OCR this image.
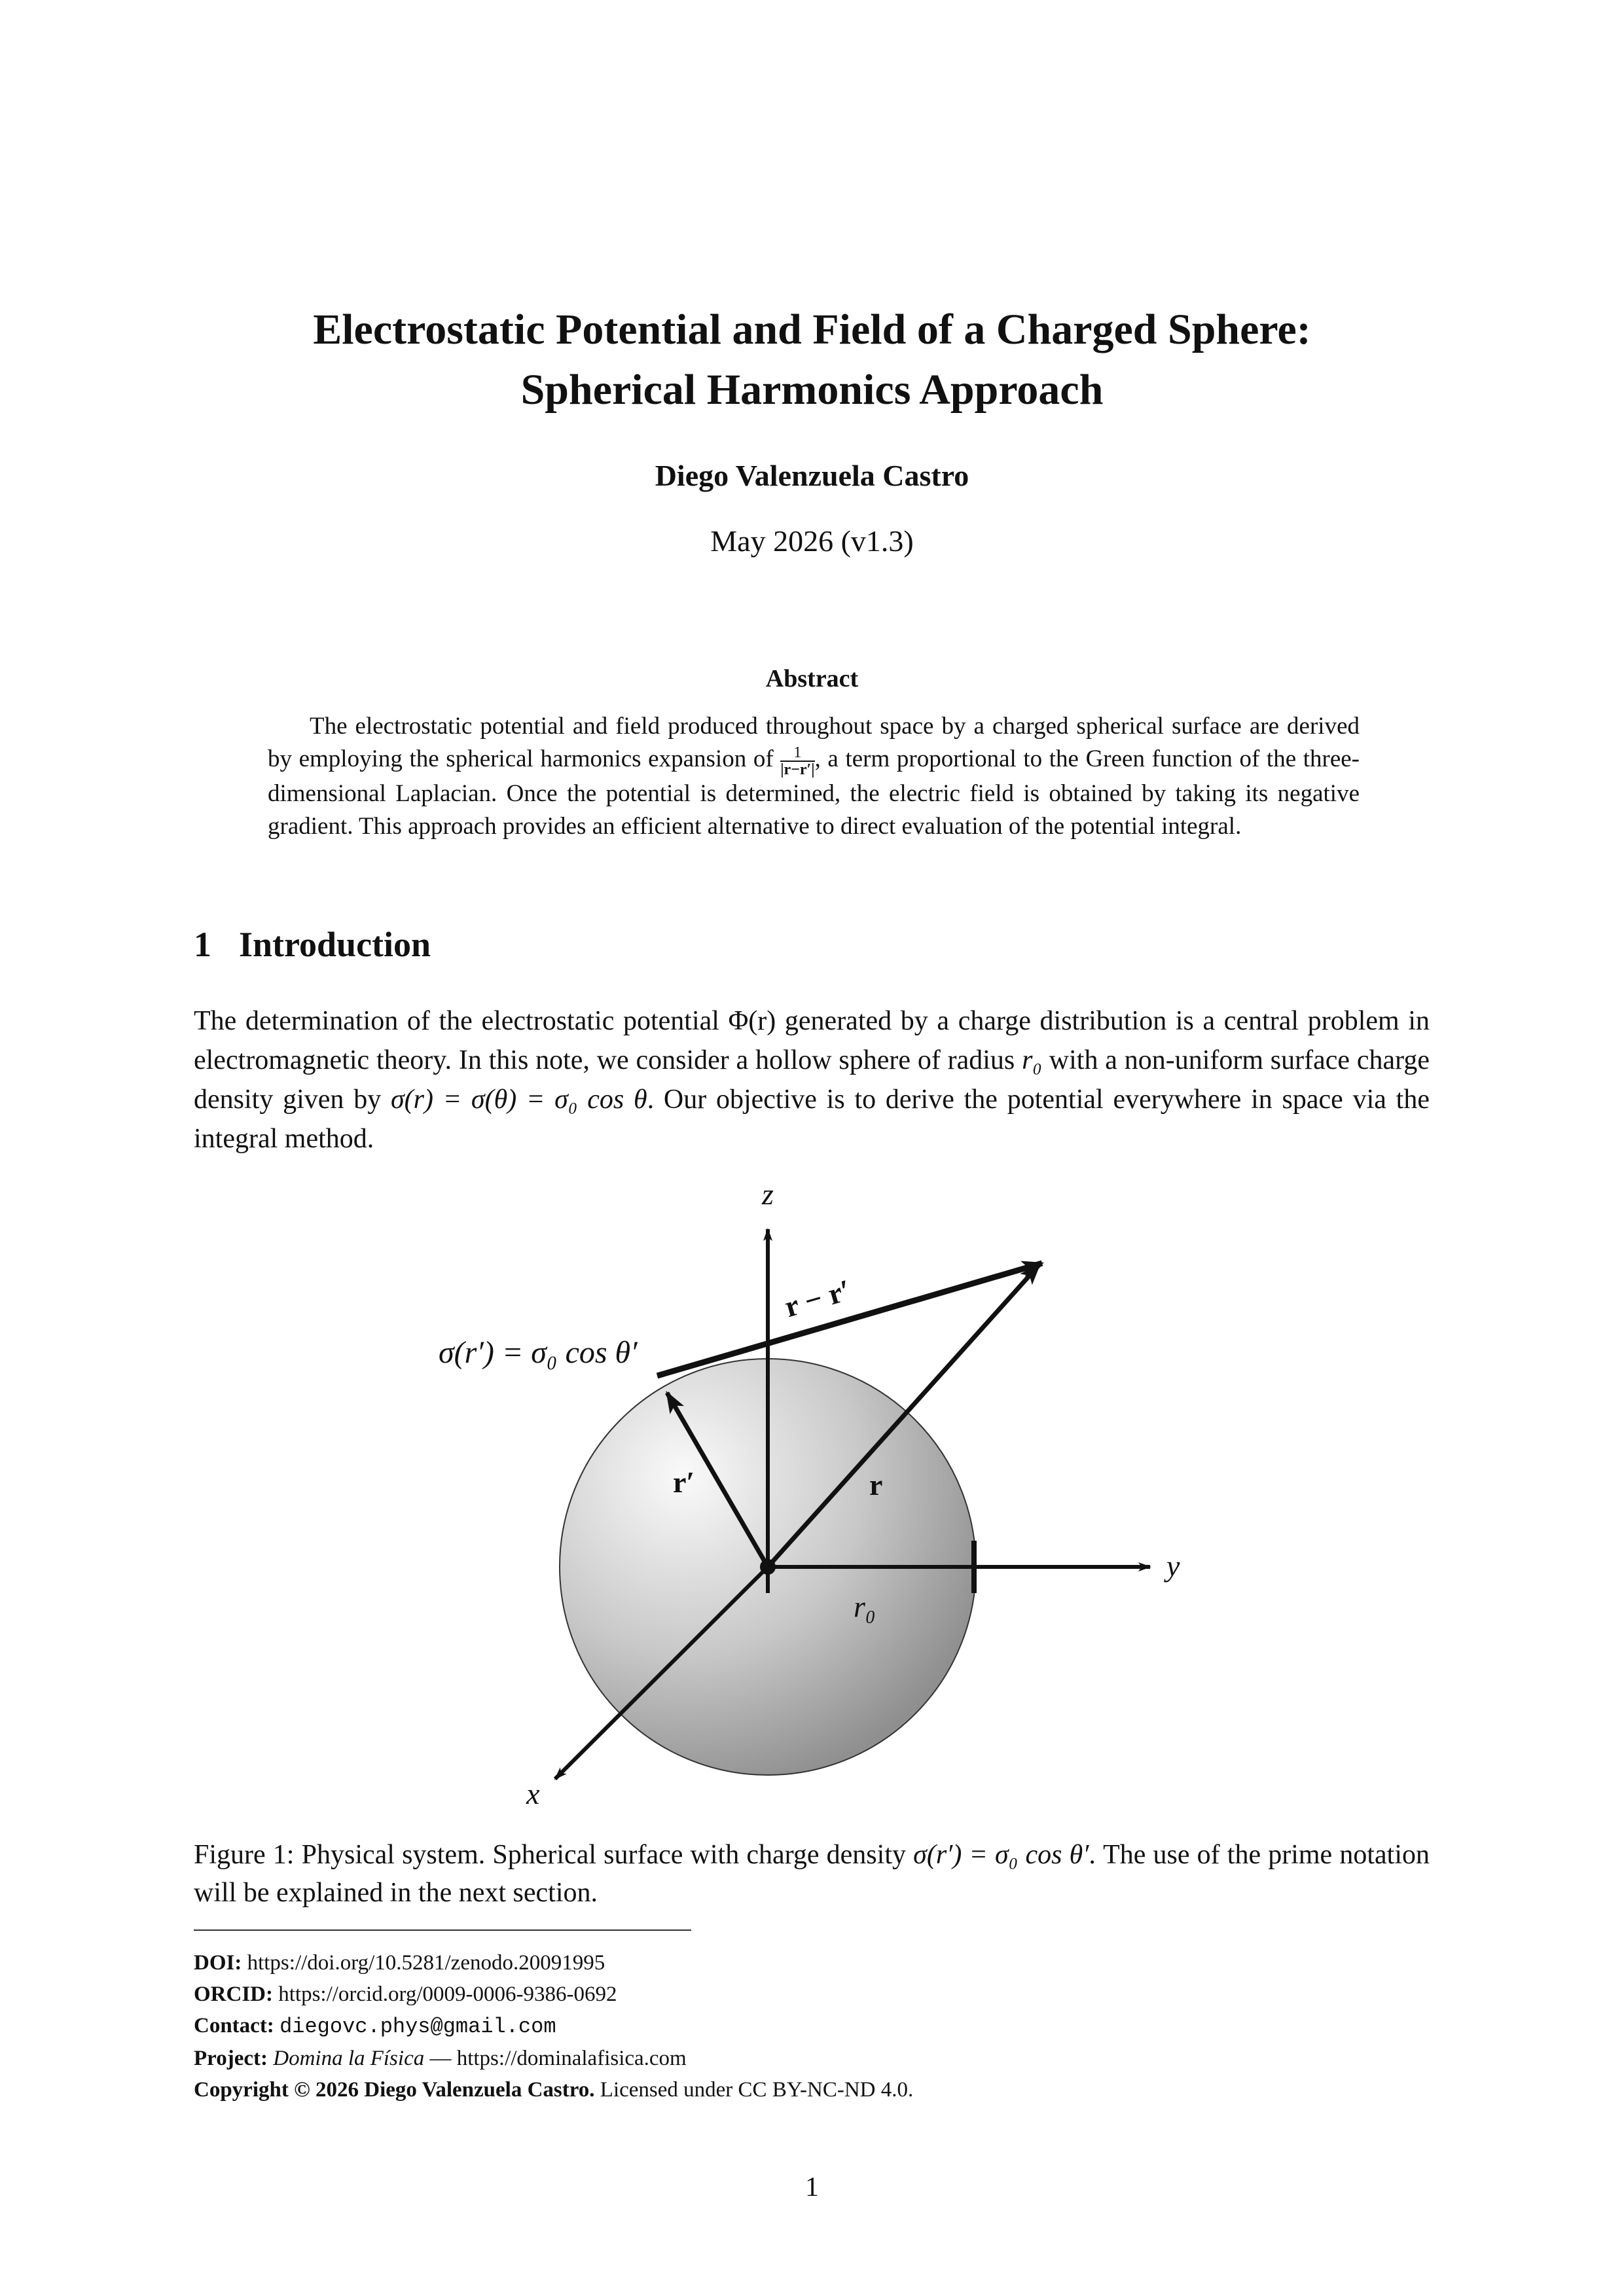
Electrostatic Potential and Field of a Charged Sphere:
Spherical Harmonics Approach
Diego Valenzuela Castro
May 2026 (v1.3)
Abstract
The electrostatic potential and field produced throughout space by a charged spherical surface are derived by employing the spherical harmonics expansion of $\frac{1}{|r-r'|}$ , a term proportional to the Green function of the three-dimensional Laplacian. Once the potential is determined, the electric field is obtained by taking its negative gradient. This approach provides an efficient alternative to direct evaluation of the potential integral.
1 Introduction
The determination of the electrostatic potential Φ(r) generated by a charge distribution is a central problem in electromagnetic theory. In this note, we consider a hollow sphere of radius r₀ with a non-uniform surface charge density given by σ(r) = σ(θ) = σ₀ cos θ. Our objective is to derive the potential everywhere in space via the integral method.
z
y
x
r
r′
r − r′
r₀
σ(r′) = σ₀ cos θ′
Figure 1: Physical system. Spherical surface with charge density σ(r′) = σ₀ cos θ′. The use of the prime notation will be explained in the next section.
DOI: https://doi.org/10.5281/zenodo.20091995
ORCID: https://orcid.org/0009-0006-9386-0692
Contact: diegovc.phys@gmail.com
Project: Domina la Física — https://dominalafisica.com
Copyright © 2026 Diego Valenzuela Castro. Licensed under CC BY-NC-ND 4.0.
1
